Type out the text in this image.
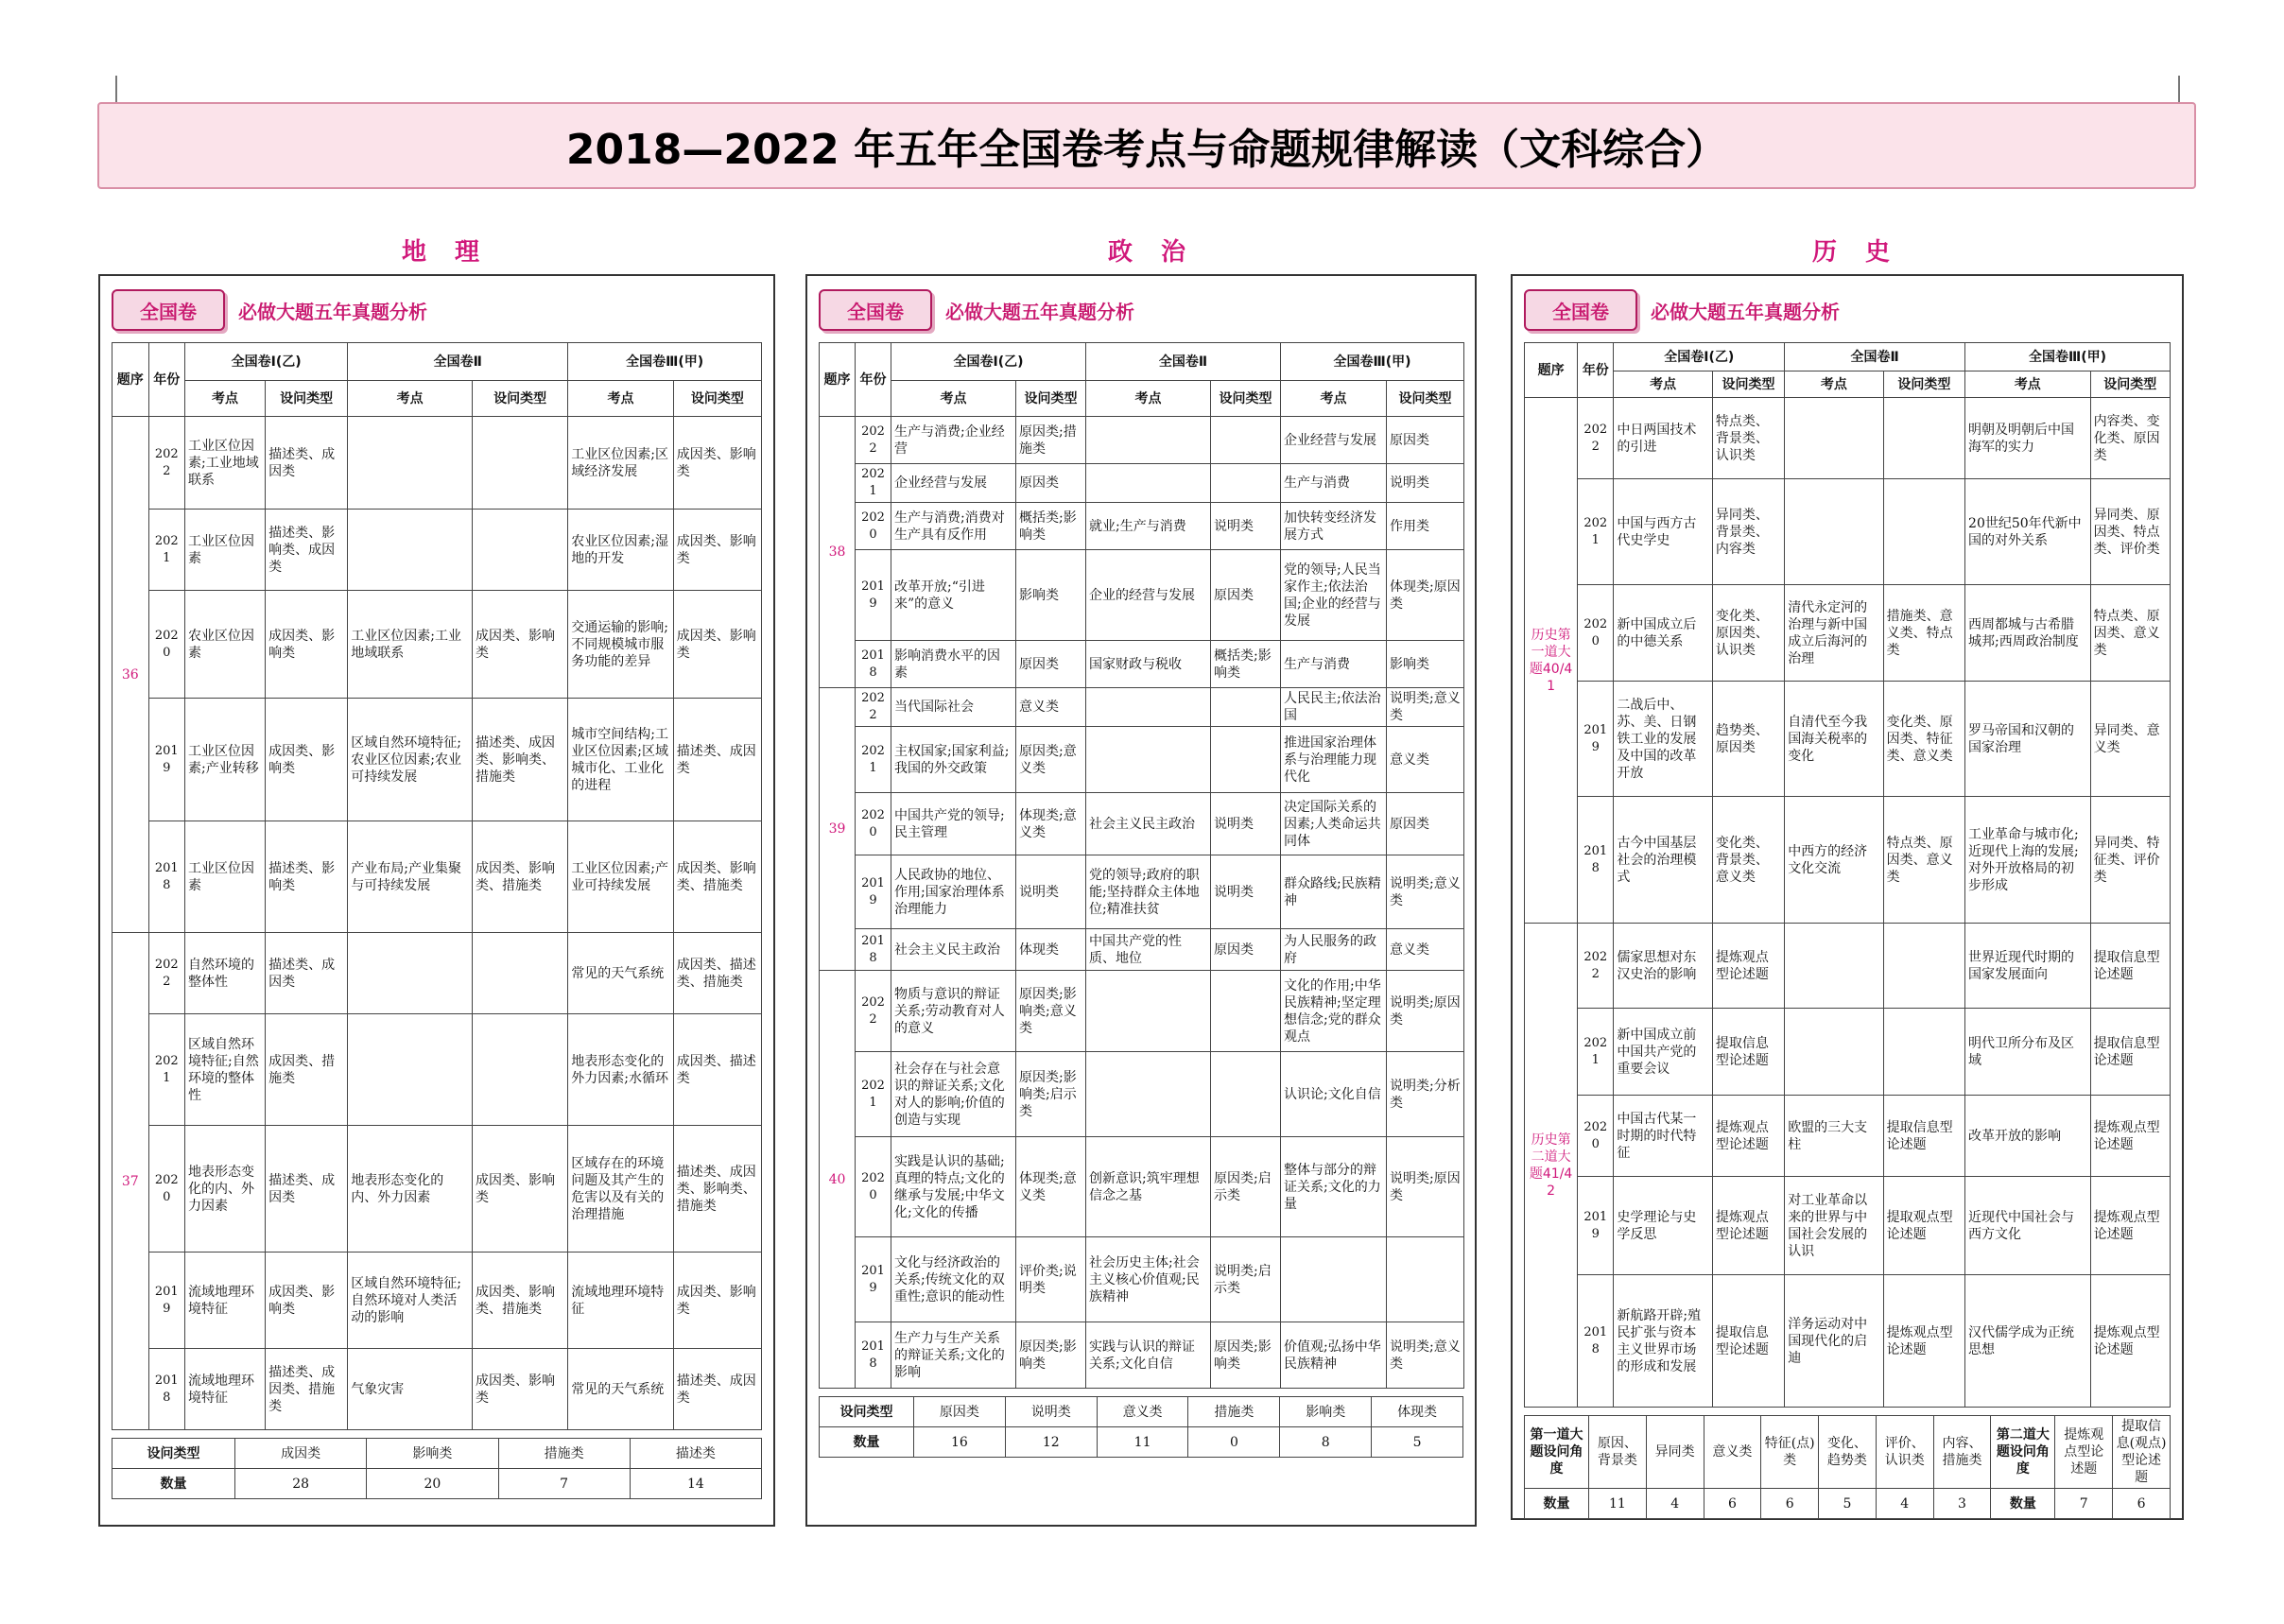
2018—2022 年五年全国卷考点与命题规律解读（文科综合）
地理	政治	历史
全国卷	必做大题五年真题分析
题序	年份	全国卷Ⅰ(乙)		全国卷Ⅱ		全国卷Ⅲ(甲)	
		考点	设问类型	考点	设问类型	考点	设问类型
36	2022	工业区位因素;工业地域联系	描述类、成因类			工业区位因素;区域经济发展	成因类、影响类
	2021	工业区位因素	描述类、影响类、成因类			农业区位因素;湿地的开发	成因类、影响类
	2020	农业区位因素	成因类、影响类	工业区位因素;工业地域联系	成因类、影响类	交通运输的影响;不同规模城市服务功能的差异	成因类、影响类
	2019	工业区位因素;产业转移	成因类、影响类	区域自然环境特征;农业区位因素;农业可持续发展	描述类、成因类、影响类、措施类	城市空间结构;工业区位因素;区域城市化、工业化的进程	描述类、成因类
	2018	工业区位因素	描述类、影响类	产业布局;产业集聚与可持续发展	成因类、影响类、措施类	工业区位因素;产业可持续发展	成因类、影响类、措施类
37	2022	自然环境的整体性	描述类、成因类			常见的天气系统	成因类、描述类、措施类
	2021	区域自然环境特征;自然环境的整体性	成因类、措施类			地表形态变化的外力因素;水循环	成因类、描述类
	2020	地表形态变化的内、外力因素	描述类、成因类	地表形态变化的内、外力因素	成因类、影响类	区域存在的环境问题及其产生的危害以及有关的治理措施	描述类、成因类、影响类、措施类
	2019	流域地理环境特征	成因类、影响类	区域自然环境特征;自然环境对人类活动的影响	成因类、影响类、措施类	流域地理环境特征	成因类、影响类
	2018	流域地理环境特征	描述类、成因类、措施类	气象灾害	成因类、影响类	常见的天气系统	描述类、成因类
设问类型	成因类	影响类	措施类	描述类
数量	28	20	7	14
全国卷	必做大题五年真题分析
题序	年份	全国卷Ⅰ(乙)		全国卷Ⅱ		全国卷Ⅲ(甲)	
		考点	设问类型	考点	设问类型	考点	设问类型
38	2022	生产与消费;企业经营	原因类;措施类			企业经营与发展	原因类
	2021	企业经营与发展	原因类			生产与消费	说明类
	2020	生产与消费;消费对生产具有反作用	概括类;影响类	就业;生产与消费	说明类	加快转变经济发展方式	作用类
	2019	改革开放;“引进来”的意义	影响类	企业的经营与发展	原因类	党的领导;人民当家作主;依法治国;企业的经营与发展	体现类;原因类
	2018	影响消费水平的因素	原因类	国家财政与税收	概括类;影响类	生产与消费	影响类
39	2022	当代国际社会	意义类			人民民主;依法治国	说明类;意义类
	2021	主权国家;国家利益;我国的外交政策	原因类;意义类			推进国家治理体系与治理能力现代化	意义类
	2020	中国共产党的领导;民主管理	体现类;意义类	社会主义民主政治	说明类	决定国际关系的因素;人类命运共同体	原因类
	2019	人民政协的地位、作用;国家治理体系治理能力	说明类	党的领导;政府的职能;坚持群众主体地位;精准扶贫	说明类	群众路线;民族精神	说明类;意义类
	2018	社会主义民主政治	体现类	中国共产党的性质、地位	原因类	为人民服务的政府	意义类
40	2022	物质与意识的辩证关系;劳动教育对人的意义	原因类;影响类;意义类			文化的作用;中华民族精神;坚定理想信念;党的群众观点	说明类;原因类
	2021	社会存在与社会意识的辩证关系;文化对人的影响;价值的创造与实现	原因类;影响类;启示类			认识论;文化自信	说明类;分析类
	2020	实践是认识的基础;真理的特点;文化的继承与发展;中华文化;文化的传播	体现类;意义类	创新意识;筑牢理想信念之基	原因类;启示类	整体与部分的辩证关系;文化的力量	说明类;原因类
	2019	文化与经济政治的关系;传统文化的双重性;意识的能动性	评价类;说明类	社会历史主体;社会主义核心价值观;民族精神	说明类;启示类		
	2018	生产力与生产关系的辩证关系;文化的影响	原因类;影响类	实践与认识的辩证关系;文化自信	原因类;影响类	价值观;弘扬中华民族精神	说明类;意义类
设问类型	原因类	说明类	意义类	措施类	影响类	体现类
数量	16	12	11	0	8	5
全国卷	必做大题五年真题分析
题序	年份	全国卷Ⅰ(乙)		全国卷Ⅱ		全国卷Ⅲ(甲)	
		考点	设问类型	考点	设问类型	考点	设问类型
历史第一道大题40/41	2022	中日两国技术的引进	特点类、背景类、认识类			明朝及明朝后中国海军的实力	内容类、变化类、原因类
	2021	中国与西方古代史学史	异同类、背景类、内容类			20世纪50年代新中国的对外关系	异同类、原因类、特点类、评价类
	2020	新中国成立后的中德关系	变化类、原因类、认识类	清代永定河的治理与新中国成立后海河的治理	措施类、意义类、特点类	西周都城与古希腊城邦;西周政治制度	特点类、原因类、意义类
	2019	二战后中、苏、美、日钢铁工业的发展及中国的改革开放	趋势类、原因类	自清代至今我国海关税率的变化	变化类、原因类、特征类、意义类	罗马帝国和汉朝的国家治理	异同类、意义类
	2018	古今中国基层社会的治理模式	变化类、背景类、意义类	中西方的经济文化交流	特点类、原因类、意义类	工业革命与城市化;近现代上海的发展;对外开放格局的初步形成	异同类、特征类、评价类
历史第二道大题41/42	2022	儒家思想对东汉史治的影响	提炼观点型论述题			世界近现代时期的国家发展面向	提取信息型论述题
	2021	新中国成立前中国共产党的重要会议	提取信息型论述题			明代卫所分布及区域	提取信息型论述题
	2020	中国古代某一时期的时代特征	提炼观点型论述题	欧盟的三大支柱	提取信息型论述题	改革开放的影响	提炼观点型论述题
	2019	史学理论与史学反思	提炼观点型论述题	对工业革命以来的世界与中国社会发展的认识	提取观点型论述题	近现代中国社会与西方文化	提炼观点型论述题
	2018	新航路开辟;殖民扩张与资本主义世界市场的形成和发展	提取信息型论述题	洋务运动对中国现代化的启迪	提炼观点型论述题	汉代儒学成为正统思想	提炼观点型论述题
第一道大题设问角度	原因、背景类	异同类	意义类	特征(点)类	变化、趋势类	评价、认识类	内容、措施类	第二道大题设问角度	提炼观点型论述题	提取信息(观点)型论述题
数量	11	4	6	6	5	4	3	数量	7	6
